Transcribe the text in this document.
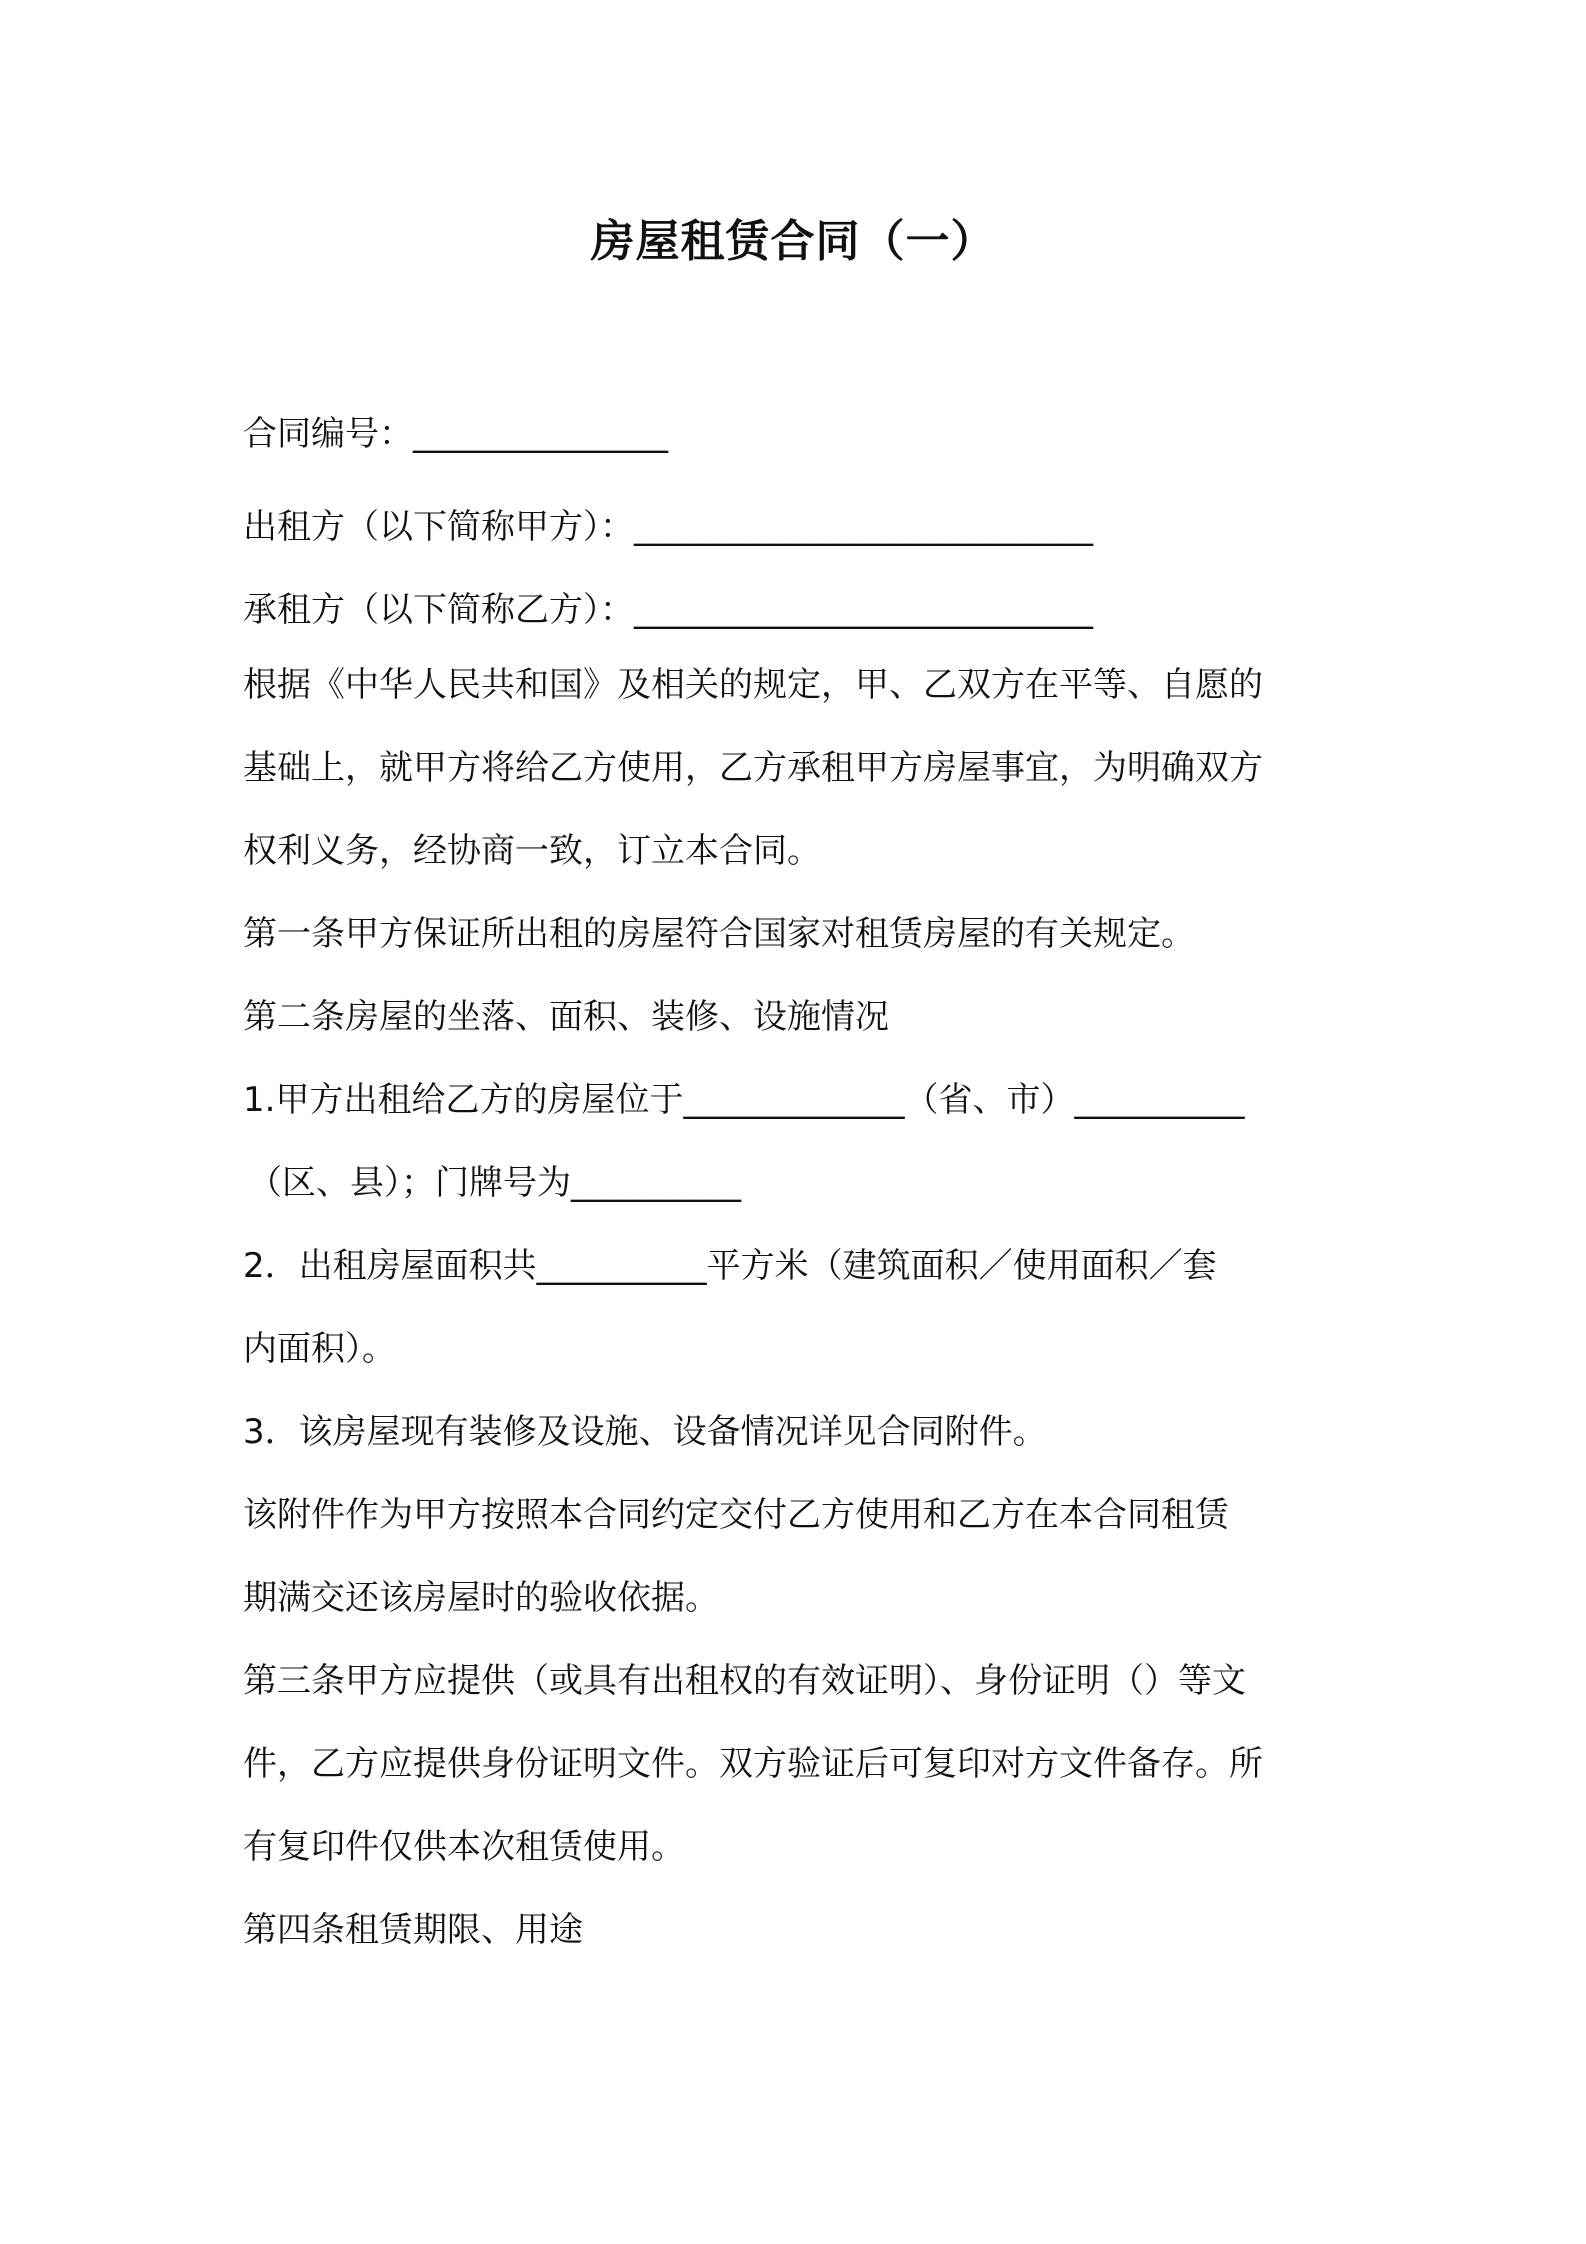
房屋租赁合同（一）
合同编号：_______________
出租方（以下简称甲方）：___________________________
承租方（以下简称乙方）：___________________________
根据《中华人民共和国》及相关的规定，甲、乙双方在平等、自愿的
基础上，就甲方将给乙方使用，乙方承租甲方房屋事宜，为明确双方
权利义务，经协商一致，订立本合同。
第一条甲方保证所出租的房屋符合国家对租赁房屋的有关规定。
第二条房屋的坐落、面积、装修、设施情况
1.甲方出租给乙方的房屋位于_____________（省、市）__________
（区、县）；门牌号为__________
2．出租房屋面积共__________平方米（建筑面积／使用面积／套
内面积）。
3．该房屋现有装修及设施、设备情况详见合同附件。
该附件作为甲方按照本合同约定交付乙方使用和乙方在本合同租赁
期满交还该房屋时的验收依据。
第三条甲方应提供（或具有出租权的有效证明）、身份证明（）等文
件，乙方应提供身份证明文件。双方验证后可复印对方文件备存。所
有复印件仅供本次租赁使用。
第四条租赁期限、用途
